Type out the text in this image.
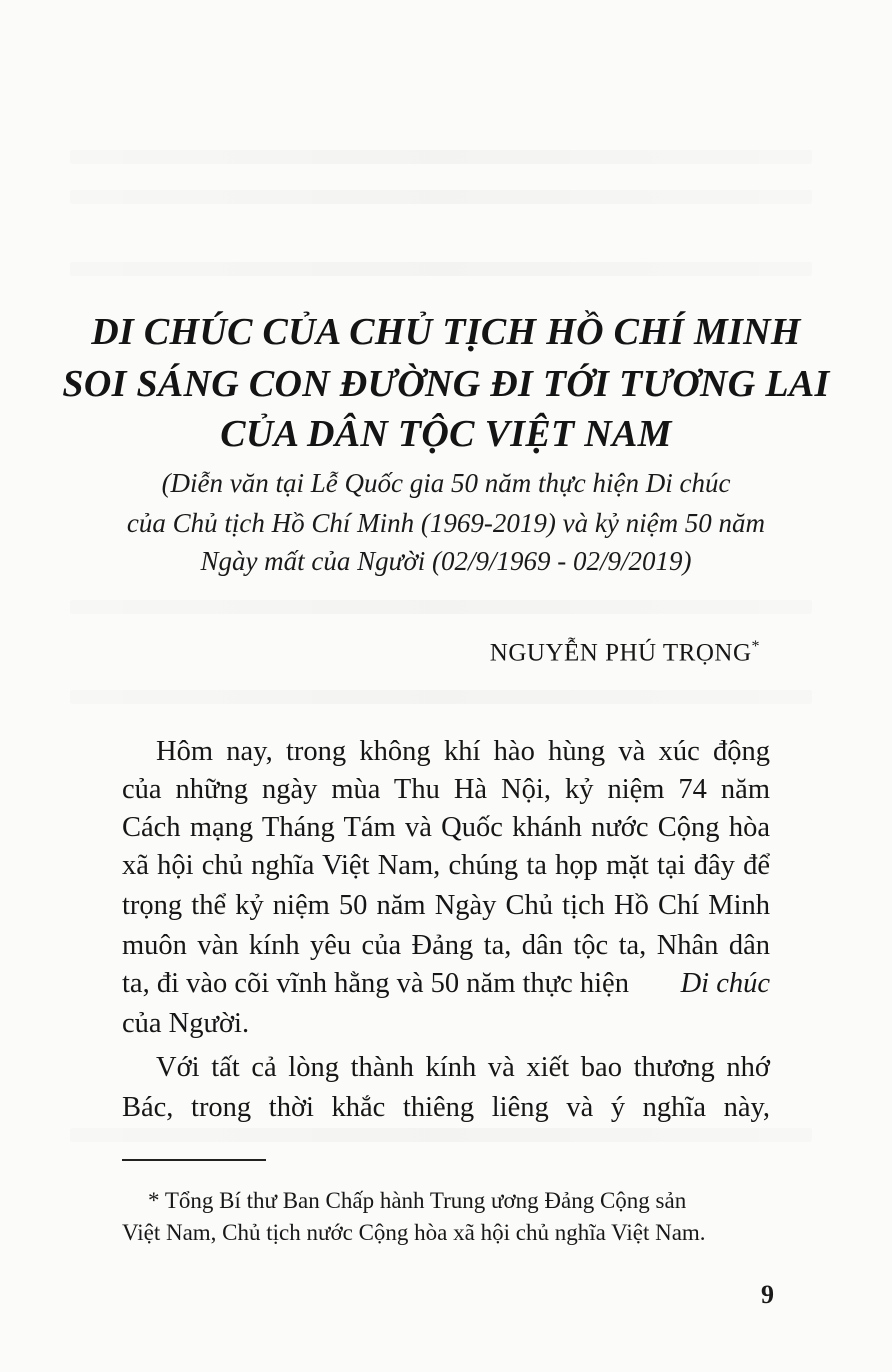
DI CHÚC CỦA CHỦ TỊCH HỒ CHÍ MINH
SOI SÁNG CON ĐƯỜNG ĐI TỚI TƯƠNG LAI
CỦA DÂN TỘC VIỆT NAM
(Diễn văn tại Lễ Quốc gia 50 năm thực hiện Di chúc
của Chủ tịch Hồ Chí Minh (1969-2019) và kỷ niệm 50 năm
Ngày mất của Người (02/9/1969 - 02/9/2019)
NGUYỄN PHÚ TRỌNG*
Hôm nay, trong không khí hào hùng và xúc động
của những ngày mùa Thu Hà Nội, kỷ niệm 74 năm
Cách mạng Tháng Tám và Quốc khánh nước Cộng hòa
xã hội chủ nghĩa Việt Nam, chúng ta họp mặt tại đây để
trọng thể kỷ niệm 50 năm Ngày Chủ tịch Hồ Chí Minh
muôn vàn kính yêu của Đảng ta, dân tộc ta, Nhân dân
ta, đi vào cõi vĩnh hằng và 50 năm thực hiện Di chúc
của Người.
Với tất cả lòng thành kính và xiết bao thương nhớ
Bác, trong thời khắc thiêng liêng và ý nghĩa này,
* Tổng Bí thư Ban Chấp hành Trung ương Đảng Cộng sản
Việt Nam, Chủ tịch nước Cộng hòa xã hội chủ nghĩa Việt Nam.
9
